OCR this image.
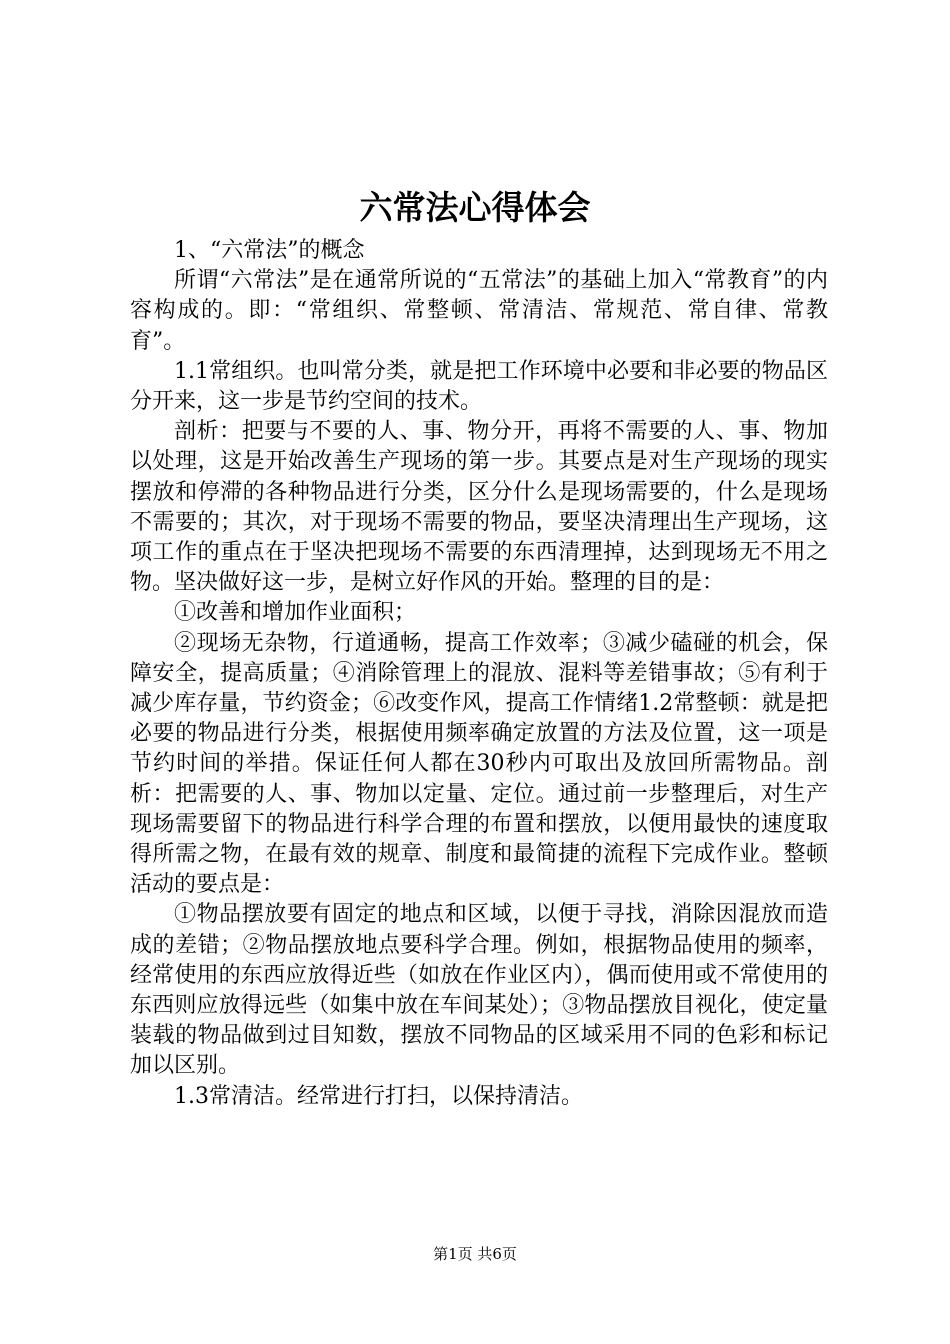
六常法心得体会

1、“六常法”的概念

所谓“六常法”是在通常所说的“五常法”的基础上加入“常教育”的内容构成的。即：“常组织、常整顿、常清洁、常规范、常自律、常教育”。

1.1常组织。也叫常分类，就是把工作环境中必要和非必要的物品区分开来，这一步是节约空间的技术。

剖析：把要与不要的人、事、物分开，再将不需要的人、事、物加以处理，这是开始改善生产现场的第一步。其要点是对生产现场的现实摆放和停滞的各种物品进行分类，区分什么是现场需要的，什么是现场不需要的；其次，对于现场不需要的物品，要坚决清理出生产现场，这项工作的重点在于坚决把现场不需要的东西清理掉，达到现场无不用之物。坚决做好这一步，是树立好作风的开始。整理的目的是：

①改善和增加作业面积；

②现场无杂物，行道通畅，提高工作效率；③减少磕碰的机会，保障安全，提高质量；④消除管理上的混放、混料等差错事故；⑤有利于减少库存量，节约资金；⑥改变作风，提高工作情绪1.2常整顿：就是把必要的物品进行分类，根据使用频率确定放置的方法及位置，这一项是节约时间的举措。保证任何人都在30秒内可取出及放回所需物品。剖析：把需要的人、事、物加以定量、定位。通过前一步整理后，对生产现场需要留下的物品进行科学合理的布置和摆放，以便用最快的速度取得所需之物，在最有效的规章、制度和最简捷的流程下完成作业。整顿活动的要点是：

①物品摆放要有固定的地点和区域，以便于寻找，消除因混放而造成的差错；②物品摆放地点要科学合理。例如，根据物品使用的频率，经常使用的东西应放得近些（如放在作业区内），偶而使用或不常使用的东西则应放得远些（如集中放在车间某处）；③物品摆放目视化，使定量装载的物品做到过目知数，摆放不同物品的区域采用不同的色彩和标记加以区别。

1.3常清洁。经常进行打扫，以保持清洁。

第1页 共6页
